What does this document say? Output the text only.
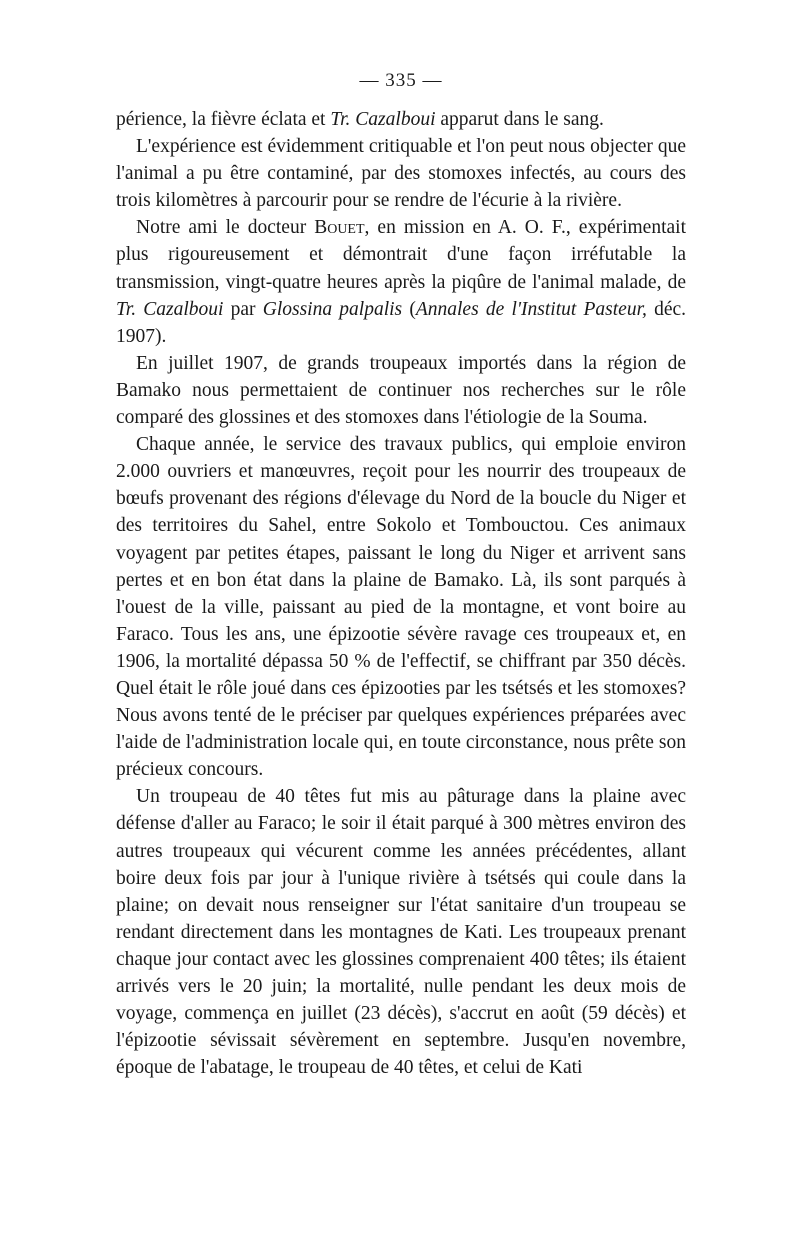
— 335 —

périence, la fièvre éclata et Tr. Cazalboui apparut dans le sang.

L'expérience est évidemment critiquable et l'on peut nous objecter que l'animal a pu être contaminé, par des stomoxes infectés, au cours des trois kilomètres à parcourir pour se rendre de l'écurie à la rivière.

Notre ami le docteur Bouet, en mission en A. O. F., expérimentait plus rigoureusement et démontrait d'une façon irréfutable la transmission, vingt-quatre heures après la piqûre de l'animal malade, de Tr. Cazalboui par Glossina palpalis (Annales de l'Institut Pasteur, déc. 1907).

En juillet 1907, de grands troupeaux importés dans la région de Bamako nous permettaient de continuer nos recherches sur le rôle comparé des glossines et des stomoxes dans l'étiologie de la Souma.

Chaque année, le service des travaux publics, qui emploie environ 2.000 ouvriers et manœuvres, reçoit pour les nourrir des troupeaux de bœufs provenant des régions d'élevage du Nord de la boucle du Niger et des territoires du Sahel, entre Sokolo et Tombouctou. Ces animaux voyagent par petites étapes, paissant le long du Niger et arrivent sans pertes et en bon état dans la plaine de Bamako. Là, ils sont parqués à l'ouest de la ville, paissant au pied de la montagne, et vont boire au Faraco. Tous les ans, une épizootie sévère ravage ces troupeaux et, en 1906, la mortalité dépassa 50 % de l'effectif, se chiffrant par 350 décès. Quel était le rôle joué dans ces épizooties par les tsétsés et les stomoxes? Nous avons tenté de le préciser par quelques expériences préparées avec l'aide de l'administration locale qui, en toute circonstance, nous prête son précieux concours.

Un troupeau de 40 têtes fut mis au pâturage dans la plaine avec défense d'aller au Faraco; le soir il était parqué à 300 mètres environ des autres troupeaux qui vécurent comme les années précédentes, allant boire deux fois par jour à l'unique rivière à tsétsés qui coule dans la plaine; on devait nous renseigner sur l'état sanitaire d'un troupeau se rendant directement dans les montagnes de Kati. Les troupeaux prenant chaque jour contact avec les glossines comprenaient 400 têtes; ils étaient arrivés vers le 20 juin; la mortalité, nulle pendant les deux mois de voyage, commença en juillet (23 décès), s'accrut en août (59 décès) et l'épizootie sévissait sévèrement en septembre. Jusqu'en novembre, époque de l'abatage, le troupeau de 40 têtes, et celui de Kati
